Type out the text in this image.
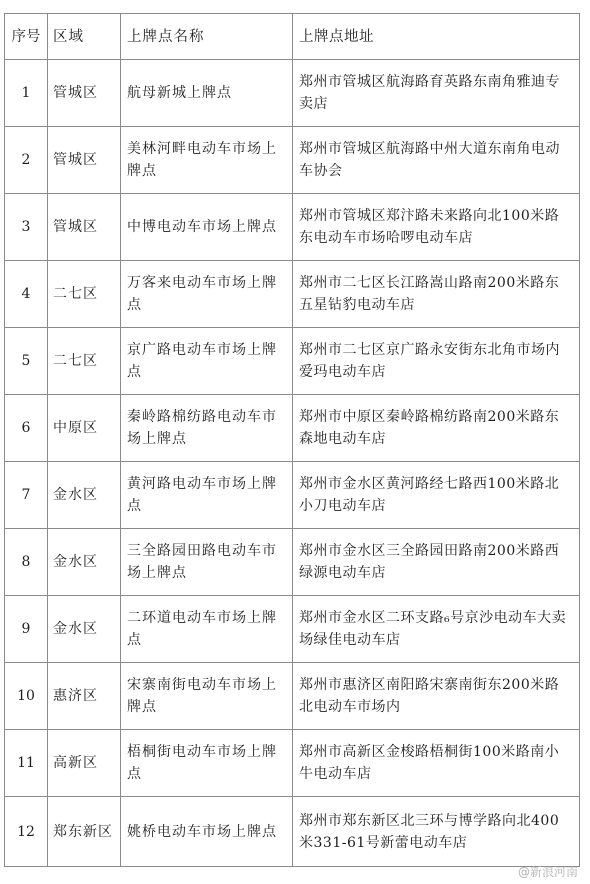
序号	区域	上牌点名称	上牌点地址
1	管城区	航母新城上牌点	郑州市管城区航海路育英路东南角雅迪专卖店
2	管城区	美林河畔电动车市场上牌点	郑州市管城区航海路中州大道东南角电动车协会
3	管城区	中博电动车市场上牌点	郑州市管城区郑汴路未来路向北100米路东电动车市场哈啰电动车店
4	二七区	万客来电动车市场上牌点	郑州市二七区长江路嵩山路南200米路东五星钻豹电动车店
5	二七区	京广路电动车市场上牌点	郑州市二七区京广路永安街东北角市场内爱玛电动车店
6	中原区	秦岭路棉纺路电动车市场上牌点	郑州市中原区秦岭路棉纺路南200米路东森地电动车店
7	金水区	黄河路电动车市场上牌点	郑州市金水区黄河路经七路西100米路北小刀电动车店
8	金水区	三全路园田路电动车市场上牌点	郑州市金水区三全路园田路南200米路西绿源电动车店
9	金水区	二环道电动车市场上牌点	郑州市金水区二环支路₆号京沙电动车大卖场绿佳电动车店
10	惠济区	宋寨南街电动车市场上牌点	郑州市惠济区南阳路宋寨南街东200米路北电动车市场内
11	高新区	梧桐街电动车市场上牌点	郑州市高新区金梭路梧桐街100米路南小牛电动车店
12	郑东新区	姚桥电动车市场上牌点	郑州市郑东新区北三环与博学路向北400米331-61号新蕾电动车店
@新浪河南
